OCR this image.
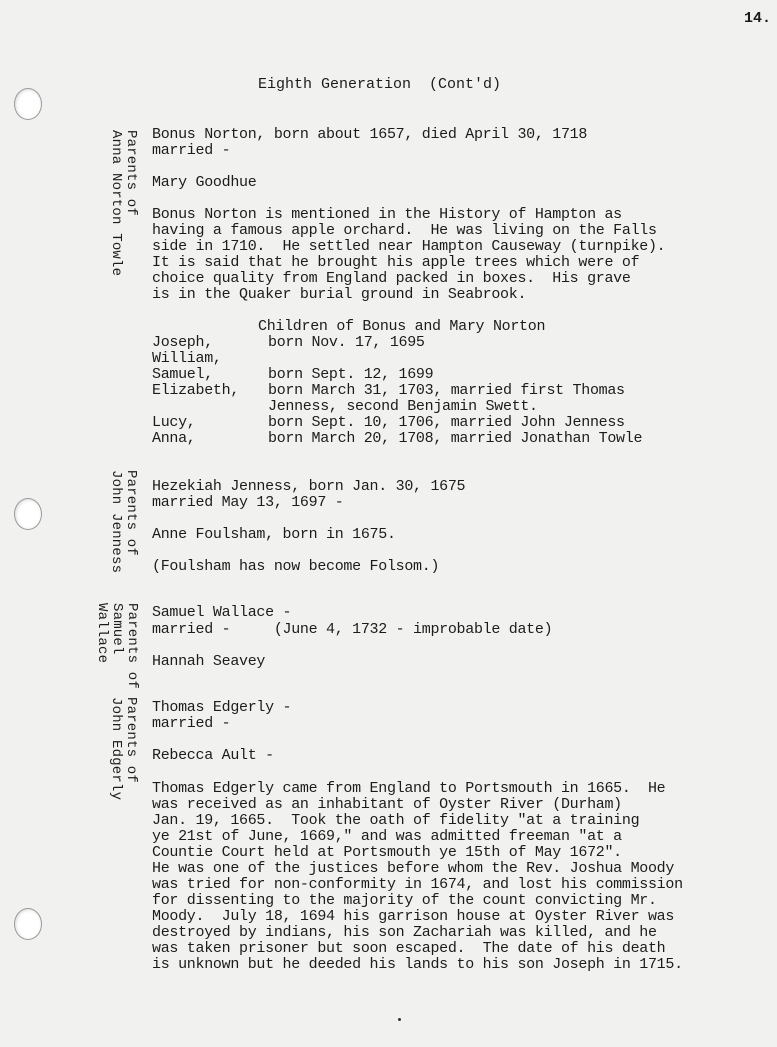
14.
Eighth Generation  (Cont'd)
Parents of
Anna Norton Towle
Parents of
John Jenness
Parents of
Samuel
Wallace
Parents of
John Edgerly
Bonus Norton, born about 1657, died April 30, 1718
married -
Mary Goodhue
Bonus Norton is mentioned in the History of Hampton as
having a famous apple orchard.  He was living on the Falls
side in 1710.  He settled near Hampton Causeway (turnpike).
It is said that he brought his apple trees which were of
choice quality from England packed in boxes.  His grave
is in the Quaker burial ground in Seabrook.
Children of Bonus and Mary Norton
Joseph,	born Nov. 17, 1695
William,
Samuel,	born Sept. 12, 1699
Elizabeth, born March 31, 1703, married first Thomas
Jenness, second Benjamin Swett.
Lucy,	born Sept. 10, 1706, married John Jenness
Anna,	born March 20, 1708, married Jonathan Towle
Hezekiah Jenness, born Jan. 30, 1675
married May 13, 1697 -
Anne Foulsham, born in 1675.
(Foulsham has now become Folsom.)
Samuel Wallace -
married -     (June 4, 1732 - improbable date)
Hannah Seavey
Thomas Edgerly -
married -
Rebecca Ault -
Thomas Edgerly came from England to Portsmouth in 1665.  He
was received as an inhabitant of Oyster River (Durham)
Jan. 19, 1665.  Took the oath of fidelity "at a training
ye 21st of June, 1669," and was admitted freeman "at a
Countie Court held at Portsmouth ye 15th of May 1672".
He was one of the justices before whom the Rev. Joshua Moody
was tried for non-conformity in 1674, and lost his commission
for dissenting to the majority of the count convicting Mr.
Moody.  July 18, 1694 his garrison house at Oyster River was
destroyed by indians, his son Zachariah was killed, and he
was taken prisoner but soon escaped.  The date of his death
is unknown but he deeded his lands to his son Joseph in 1715.
